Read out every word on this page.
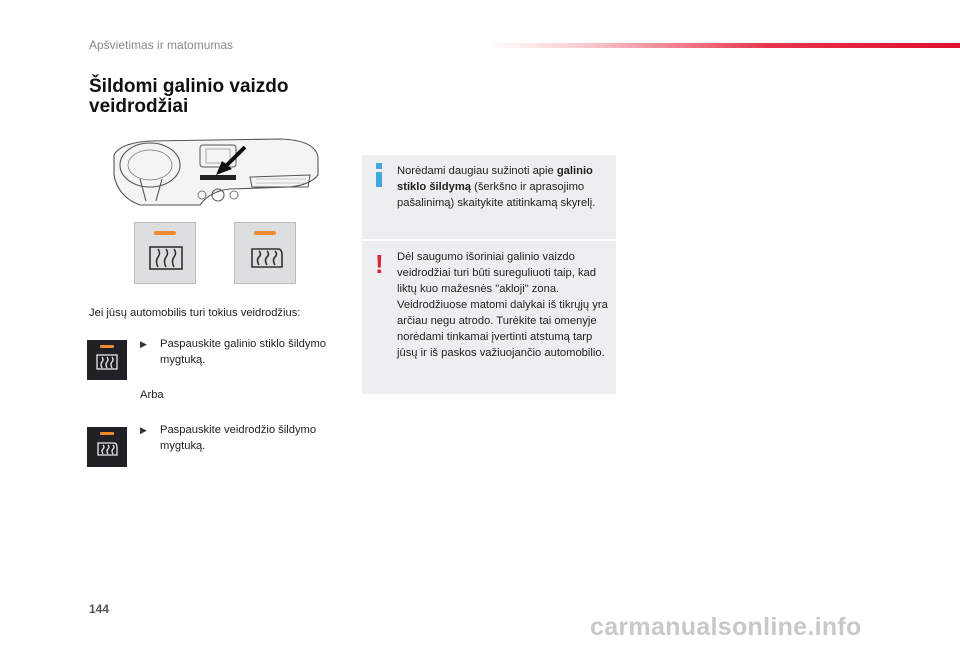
Apšvietimas ir matomumas
Šildomi galinio vaizdo
veidrodžiai
Jei jūsų automobilis turi tokius veidrodžius:
▶	Paspauskite galinio stiklo šildymo mygtuką.
Arba
▶	Paspauskite veidrodžio šildymo mygtuką.
Norėdami daugiau sužinoti apie galinio stiklo šildymą (šerkšno ir aprasojimo pašalinimą) skaitykite atitinkamą skyrelį.
! Dėl saugumo išoriniai galinio vaizdo veidrodžiai turi būti sureguliuoti taip, kad liktų kuo mažesnės "akloji" zona. Veidrodžiuose matomi dalykai iš tikrųjų yra arčiau negu atrodo. Turėkite tai omenyje norėdami tinkamai įvertinti atstumą tarp jūsų ir iš paskos važiuojančio automobilio.
144
carmanualsonline.info
